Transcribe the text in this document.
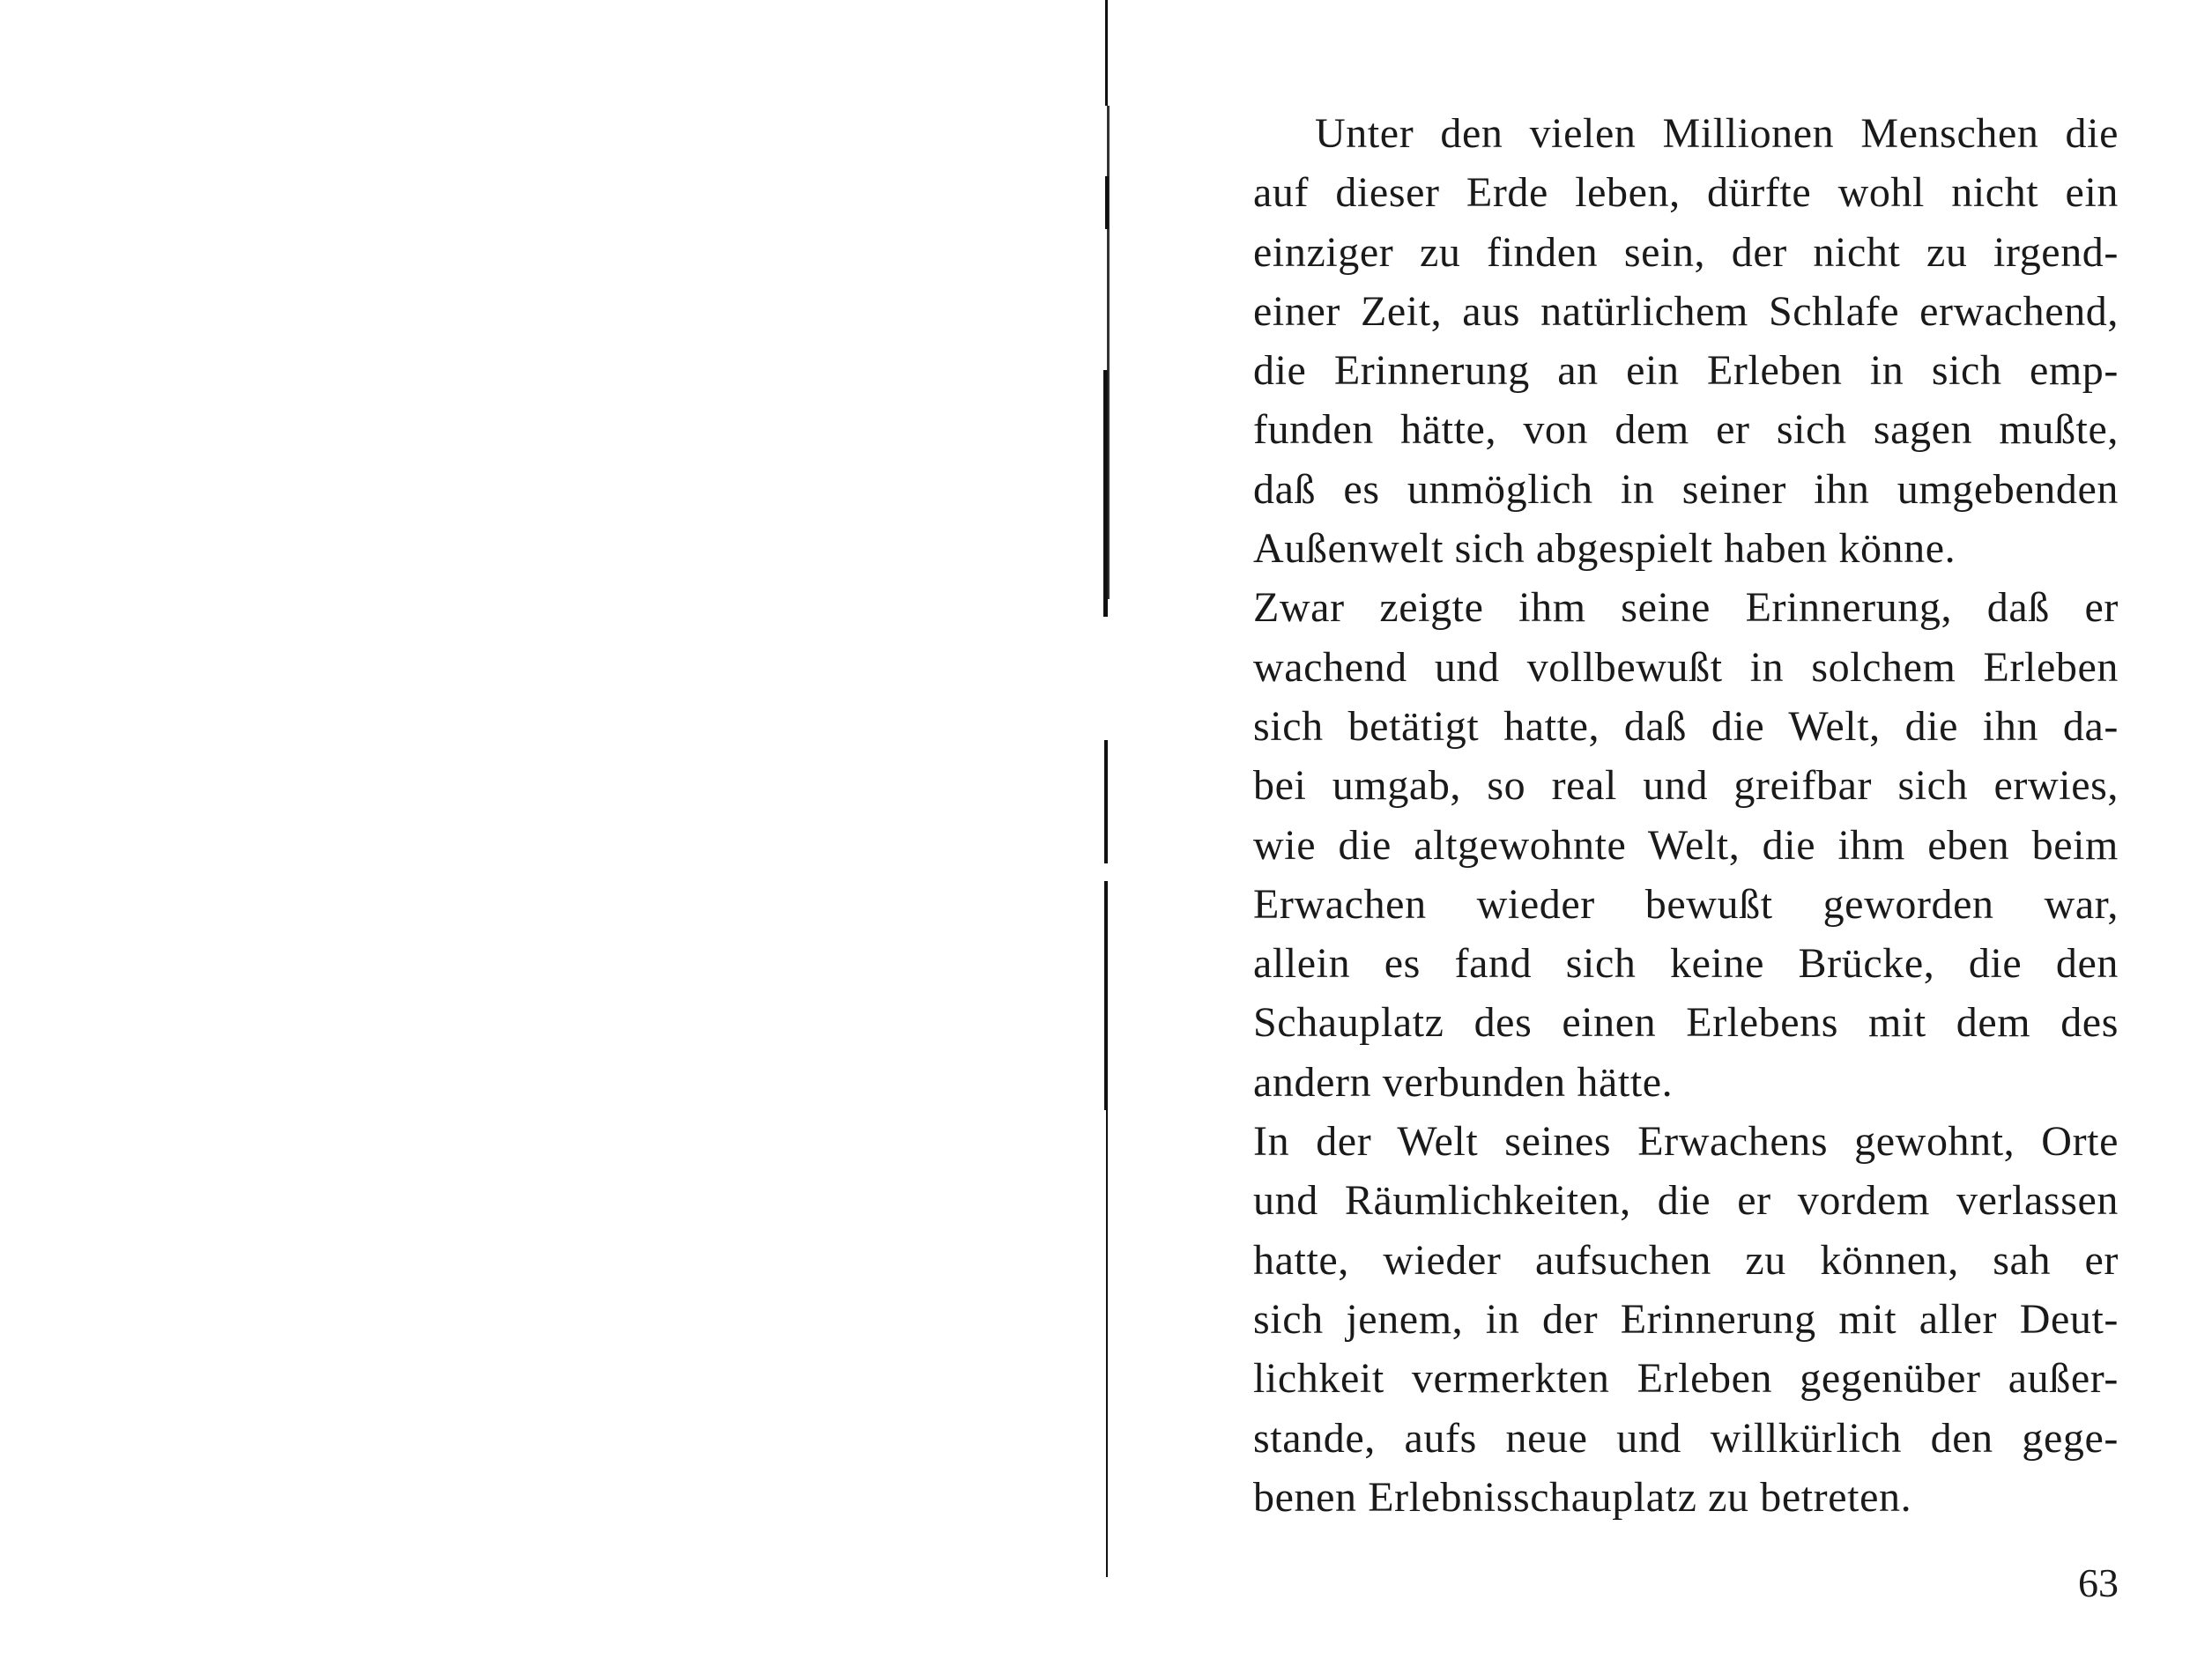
Unter den vielen Millionen Menschen die
auf dieser Erde leben, dürfte wohl nicht ein
einziger zu finden sein, der nicht zu irgend-
einer Zeit, aus natürlichem Schlafe erwachend,
die Erinnerung an ein Erleben in sich emp-
funden hätte, von dem er sich sagen mußte,
daß es unmöglich in seiner ihn umgebenden
Außenwelt sich abgespielt haben könne.
Zwar zeigte ihm seine Erinnerung, daß er
wachend und vollbewußt in solchem Erleben
sich betätigt hatte, daß die Welt, die ihn da-
bei umgab, so real und greifbar sich erwies,
wie die altgewohnte Welt, die ihm eben beim
Erwachen wieder bewußt geworden war,
allein es fand sich keine Brücke, die den
Schauplatz des einen Erlebens mit dem des
andern verbunden hätte.
In der Welt seines Erwachens gewohnt, Orte
und Räumlichkeiten, die er vordem verlassen
hatte, wieder aufsuchen zu können, sah er
sich jenem, in der Erinnerung mit aller Deut-
lichkeit vermerkten Erleben gegenüber außer-
stande, aufs neue und willkürlich den gege-
benen Erlebnisschauplatz zu betreten.
63
